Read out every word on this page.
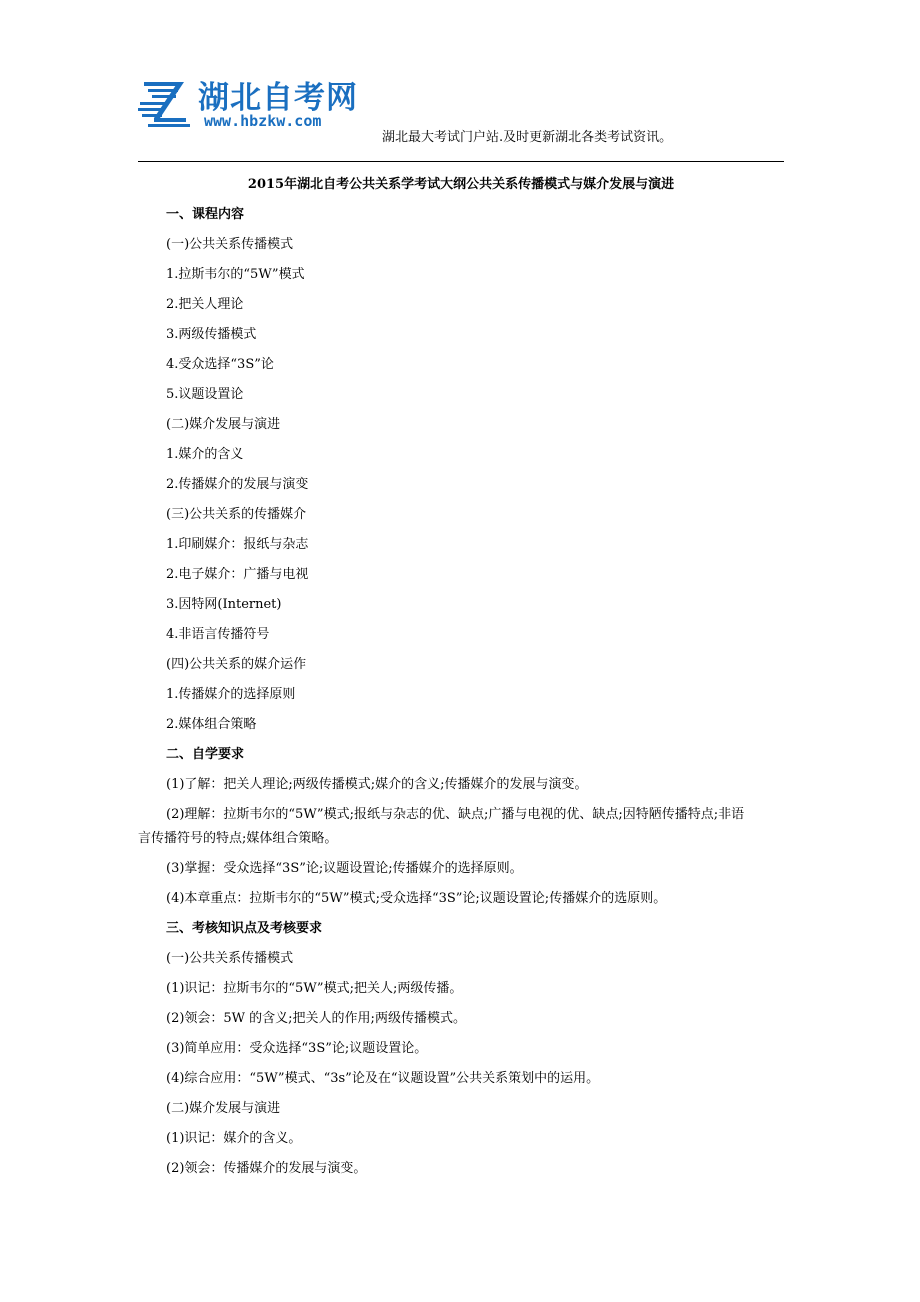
湖北自考网
www.hbzkw.com
湖北最大考试门户站.及时更新湖北各类考试资讯。
2015年湖北自考公共关系学考试大纲公共关系传播模式与媒介发展与演进
一、课程内容
(一)公共关系传播模式
1.拉斯韦尔的“5W”模式
2.把关人理论
3.两级传播模式
4.受众选择“3S”论
5.议题设置论
(二)媒介发展与演进
1.媒介的含义
2.传播媒介的发展与演变
(三)公共关系的传播媒介
1.印刷媒介：报纸与杂志
2.电子媒介：广播与电视
3.因特网(Internet)
4.非语言传播符号
(四)公共关系的媒介运作
1.传播媒介的选择原则
2.媒体组合策略
二、自学要求
(1)了解：把关人理论;两级传播模式;媒介的含义;传播媒介的发展与演变。
(2)理解：拉斯韦尔的“5W”模式;报纸与杂志的优、缺点;广播与电视的优、缺点;因特陋传播特点;非语
言传播符号的特点;媒体组合策略。
(3)掌握：受众选择“3S”论;议题设置论;传播媒介的选择原则。
(4)本章重点：拉斯韦尔的“5W”模式;受众选择“3S”论;议题设置论;传播媒介的选原则。
三、考核知识点及考核要求
(一)公共关系传播模式
(1)识记：拉斯韦尔的“5W”模式;把关人;两级传播。
(2)领会：5W 的含义;把关人的作用;两级传播模式。
(3)简单应用：受众选择“3S”论;议题设置论。
(4)综合应用：“5W”模式、“3s”论及在“议题设置”公共关系策划中的运用。
(二)媒介发展与演进
(1)识记：媒介的含义。
(2)领会：传播媒介的发展与演变。
